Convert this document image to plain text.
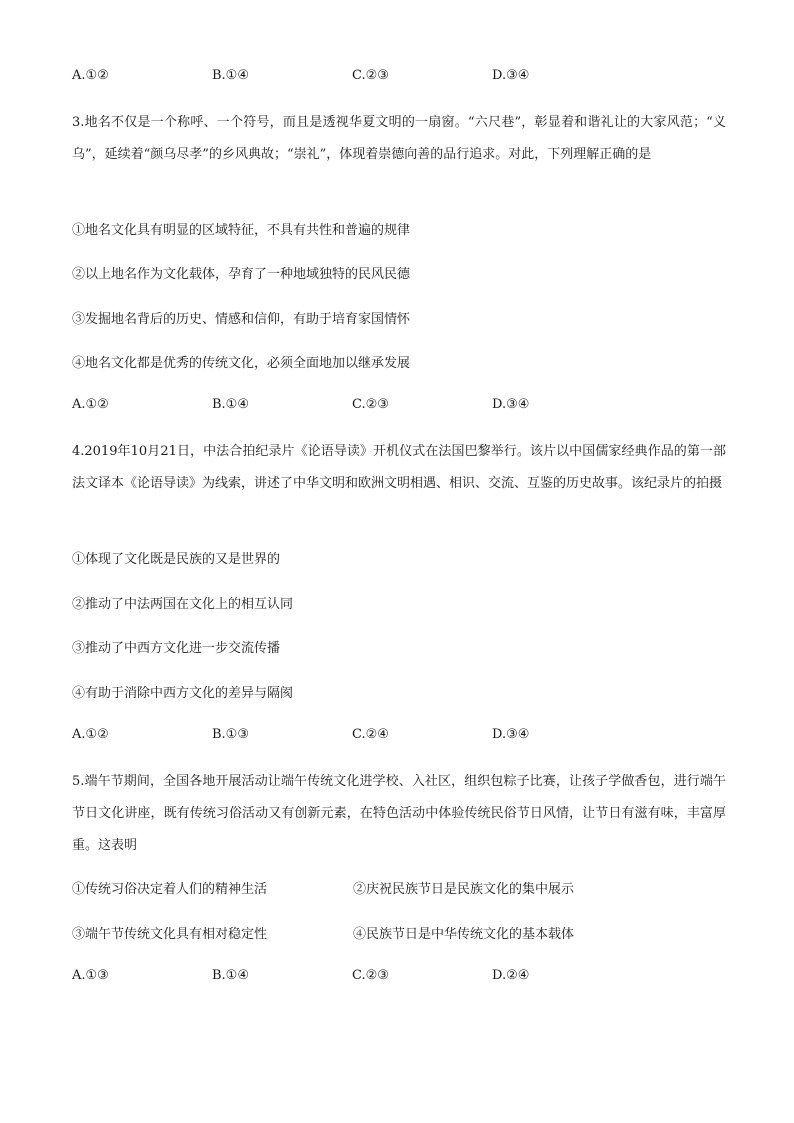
A.①②	B.①④	C.②③	D.③④

3.地名不仅是一个称呼、一个符号，而且是透视华夏文明的一扇窗。“六尺巷”，彰显着和谐礼让的大家风范；“义乌”，延续着“颜乌尽孝”的乡风典故；“崇礼”，体现着崇德向善的品行追求。对此，下列理解正确的是

①地名文化具有明显的区域特征，不具有共性和普遍的规律
②以上地名作为文化载体，孕育了一种地域独特的民风民德
③发掘地名背后的历史、情感和信仰，有助于培育家国情怀
④地名文化都是优秀的传统文化，必须全面地加以继承发展
A.①②	B.①④	C.②③	D.③④

4.2019年10月21日，中法合拍纪录片《论语导读》开机仪式在法国巴黎举行。该片以中国儒家经典作品的第一部法文译本《论语导读》为线索，讲述了中华文明和欧洲文明相遇、相识、交流、互鉴的历史故事。该纪录片的拍摄

①体现了文化既是民族的又是世界的
②推动了中法两国在文化上的相互认同
③推动了中西方文化进一步交流传播
④有助于消除中西方文化的差异与隔阂
A.①②	B.①③	C.②④	D.③④

5.端午节期间，全国各地开展活动让端午传统文化进学校、入社区，组织包粽子比赛，让孩子学做香包，进行端午节日文化讲座，既有传统习俗活动又有创新元素，在特色活动中体验传统民俗节日风情，让节日有滋有味，丰富厚重。这表明

①传统习俗决定着人们的精神生活	②庆祝民族节日是民族文化的集中展示
③端午节传统文化具有相对稳定性	④民族节日是中华传统文化的基本载体
A.①③	B.①④	C.②③	D.②④
